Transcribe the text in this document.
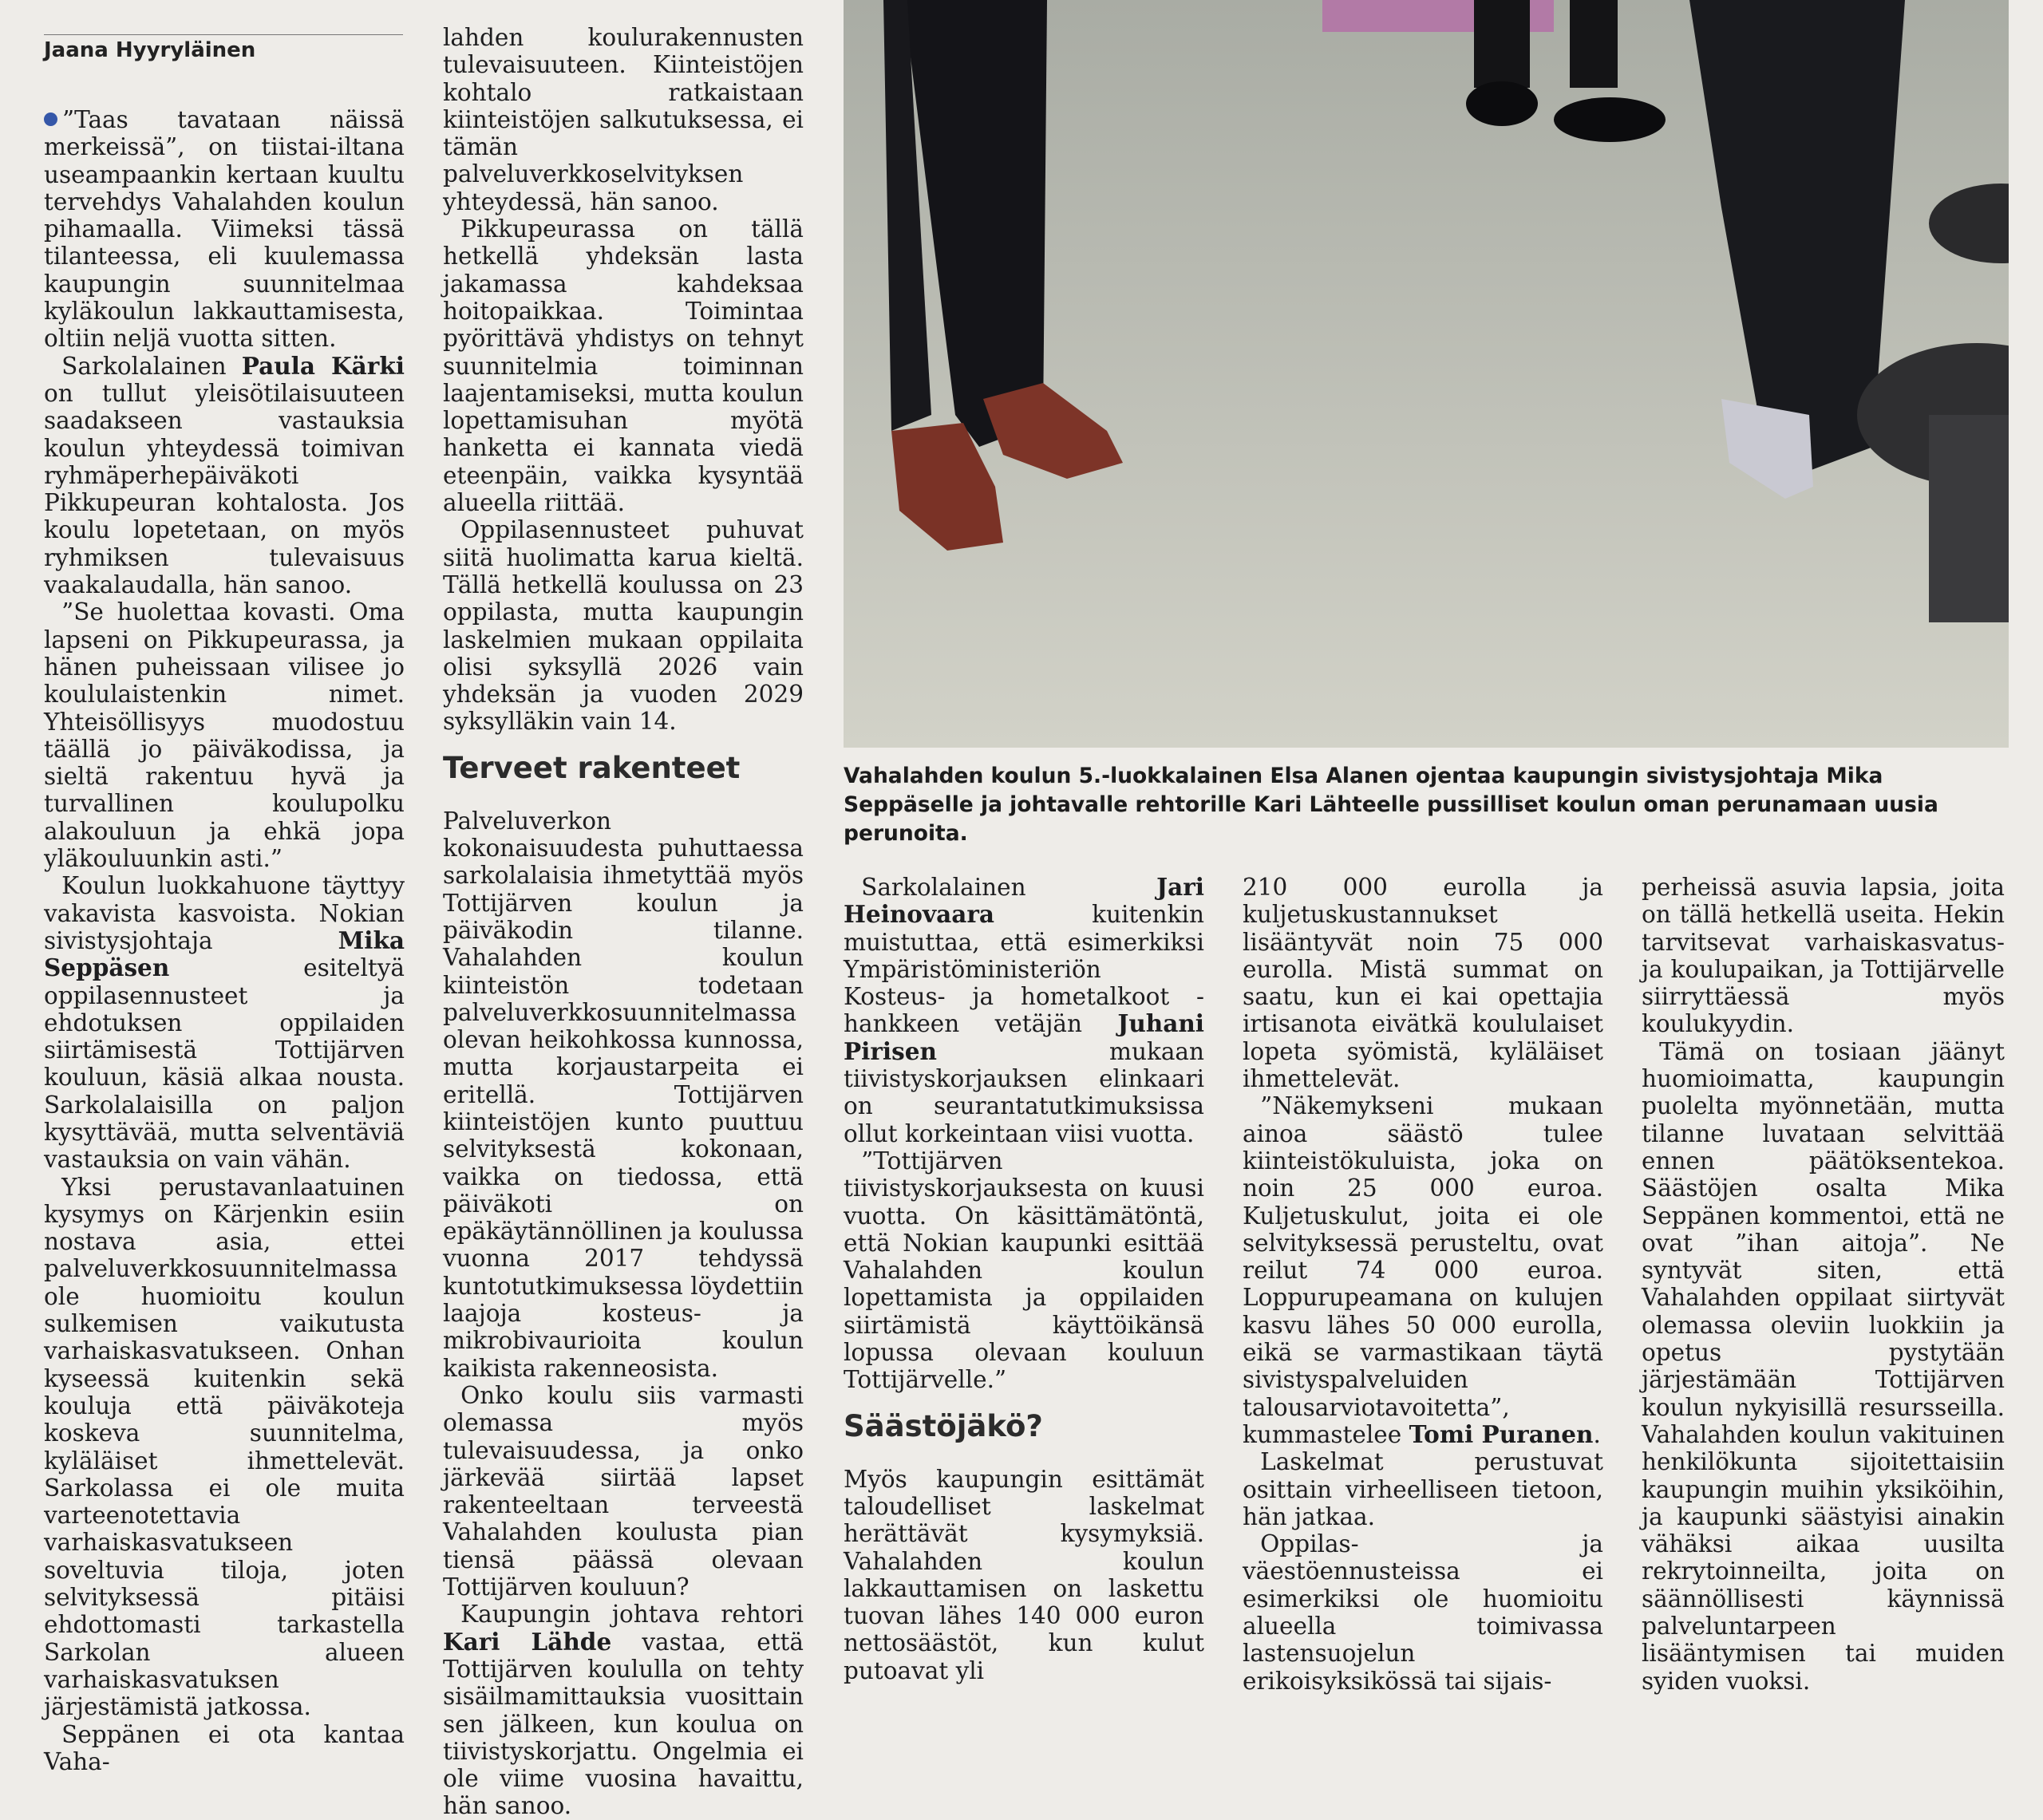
Jaana Hyyryläinen

”Taas tavataan näissä merkeissä”, on tiistai-iltana useampaankin kertaan kuultu tervehdys Vahalahden koulun pihamaalla. Viimeksi tässä tilanteessa, eli kuulemassa kaupungin suunnitelmaa kyläkoulun lakkauttamisesta, oltiin neljä vuotta sitten.

Sarkolalainen Paula Kärki on tullut yleisötilaisuuteen saadakseen vastauksia koulun yhteydessä toimivan ryhmäperhepäiväkoti Pikkupeuran kohtalosta. Jos koulu lopetetaan, on myös ryhmiksen tulevaisuus vaakalaudalla, hän sanoo.

”Se huolettaa kovasti. Oma lapseni on Pikkupeurassa, ja hänen puheissaan vilisee jo koululaistenkin nimet. Yhteisöllisyys muodostuu täällä jo päiväkodissa, ja sieltä rakentuu hyvä ja turvallinen koulupolku alakouluun ja ehkä jopa yläkouluunkin asti.”

Koulun luokkahuone täyttyy vakavista kasvoista. Nokian sivistysjohtaja Mika Seppäsen esiteltyä oppilasennusteet ja ehdotuksen oppilaiden siirtämisestä Tottijärven kouluun, käsiä alkaa nousta. Sarkolalaisilla on paljon kysyttävää, mutta selventäviä vastauksia on vain vähän.

Yksi perustavanlaatuinen kysymys on Kärjenkin esiin nostava asia, ettei palveluverkkosuunnitelmassa ole huomioitu koulun sulkemisen vaikutusta varhaiskasvatukseen. Onhan kyseessä kuitenkin sekä kouluja että päiväkoteja koskeva suunnitelma, kyläläiset ihmettelevät. Sarkolassa ei ole muita varteenotettavia varhaiskasvatukseen soveltuvia tiloja, joten selvityksessä pitäisi ehdottomasti tarkastella Sarkolan alueen varhaiskasvatuksen järjestämistä jatkossa.

Seppänen ei ota kantaa Vaha-

lahden koulurakennusten tulevaisuuteen. Kiinteistöjen kohtalo ratkaistaan kiinteistöjen salkutuksessa, ei tämän palveluverkkoselvityksen yhteydessä, hän sanoo.

Pikkupeurassa on tällä hetkellä yhdeksän lasta jakamassa kahdeksaa hoitopaikkaa. Toimintaa pyörittävä yhdistys on tehnyt suunnitelmia toiminnan laajentamiseksi, mutta koulun lopettamisuhan myötä hanketta ei kannata viedä eteenpäin, vaikka kysyntää alueella riittää.

Oppilasennusteet puhuvat siitä huolimatta karua kieltä. Tällä hetkellä koulussa on 23 oppilasta, mutta kaupungin laskelmien mukaan oppilaita olisi syksyllä 2026 vain yhdeksän ja vuoden 2029 syksylläkin vain 14.

Terveet rakenteet

Palveluverkon kokonaisuudesta puhuttaessa sarkolalaisia ihmetyttää myös Tottijärven koulun ja päiväkodin tilanne. Vahalahden koulun kiinteistön todetaan palveluverkkosuunnitelmassa olevan heikohkossa kunnossa, mutta korjaustarpeita ei eritellä. Tottijärven kiinteistöjen kunto puuttuu selvityksestä kokonaan, vaikka on tiedossa, että päiväkoti on epäkäytännöllinen ja koulussa vuonna 2017 tehdyssä kuntotutkimuksessa löydettiin laajoja kosteus- ja mikrobivaurioita koulun kaikista rakenneosista.

Onko koulu siis varmasti olemassa myös tulevaisuudessa, ja onko järkevää siirtää lapset rakenteeltaan terveestä Vahalahden koulusta pian tiensä päässä olevaan Tottijärven kouluun?

Kaupungin johtava rehtori Kari Lähde vastaa, että Tottijärven koululla on tehty sisäilmamittauksia vuosittain sen jälkeen, kun koulua on tiivistyskorjattu. Ongelmia ei ole viime vuosina havaittu, hän sanoo.

Vahalahden koulun 5.-luokkalainen Elsa Alanen ojentaa kaupungin sivistysjohtaja Mika Seppäselle ja johtavalle rehtorille Kari Lähteelle pussilliset koulun oman perunamaan uusia perunoita.

Sarkolalainen Jari Heinovaara kuitenkin muistuttaa, että esimerkiksi Ympäristöministeriön Kosteus- ja hometalkoot -hankkeen vetäjän Juhani Pirisen mukaan tiivistyskorjauksen elinkaari on seurantatutkimuksissa ollut korkeintaan viisi vuotta.

”Tottijärven tiivistyskorjauksesta on kuusi vuotta. On käsittämätöntä, että Nokian kaupunki esittää Vahalahden koulun lopettamista ja oppilaiden siirtämistä käyttöikänsä lopussa olevaan kouluun Tottijärvelle.”

Säästöjäkö?

Myös kaupungin esittämät taloudelliset laskelmat herättävät kysymyksiä. Vahalahden koulun lakkauttamisen on laskettu tuovan lähes 140 000 euron nettosäästöt, kun kulut putoavat yli

210 000 eurolla ja kuljetuskustannukset lisääntyvät noin 75 000 eurolla. Mistä summat on saatu, kun ei kai opettajia irtisanota eivätkä koululaiset lopeta syömistä, kyläläiset ihmettelevät.

”Näkemykseni mukaan ainoa säästö tulee kiinteistökuluista, joka on noin 25 000 euroa. Kuljetuskulut, joita ei ole selvityksessä perusteltu, ovat reilut 74 000 euroa. Loppurupeamana on kulujen kasvu lähes 50 000 eurolla, eikä se varmastikaan täytä sivistyspalveluiden talousarviotavoitetta”, kummastelee Tomi Puranen.

Laskelmat perustuvat osittain virheelliseen tietoon, hän jatkaa.

Oppilas- ja väestöennusteissa ei esimerkiksi ole huomioitu alueella toimivassa lastensuojelun erikoisyksikössä tai sijais-

perheissä asuvia lapsia, joita on tällä hetkellä useita. Hekin tarvitsevat varhaiskasvatus- ja koulupaikan, ja Tottijärvelle siirryttäessä myös koulukyydin.

Tämä on tosiaan jäänyt huomioimatta, kaupungin puolelta myönnetään, mutta tilanne luvataan selvittää ennen päätöksentekoa. Säästöjen osalta Mika Seppänen kommentoi, että ne ovat ”ihan aitoja”. Ne syntyvät siten, että Vahalahden oppilaat siirtyvät olemassa oleviin luokkiin ja opetus pystytään järjestämään Tottijärven koulun nykyisillä resursseilla. Vahalahden koulun vakituinen henkilökunta sijoitettaisiin kaupungin muihin yksiköihin, ja kaupunki säästyisi ainakin vähäksi aikaa uusilta rekrytoinneilta, joita on säännöllisesti käynnissä palveluntarpeen lisääntymisen tai muiden syiden vuoksi.
